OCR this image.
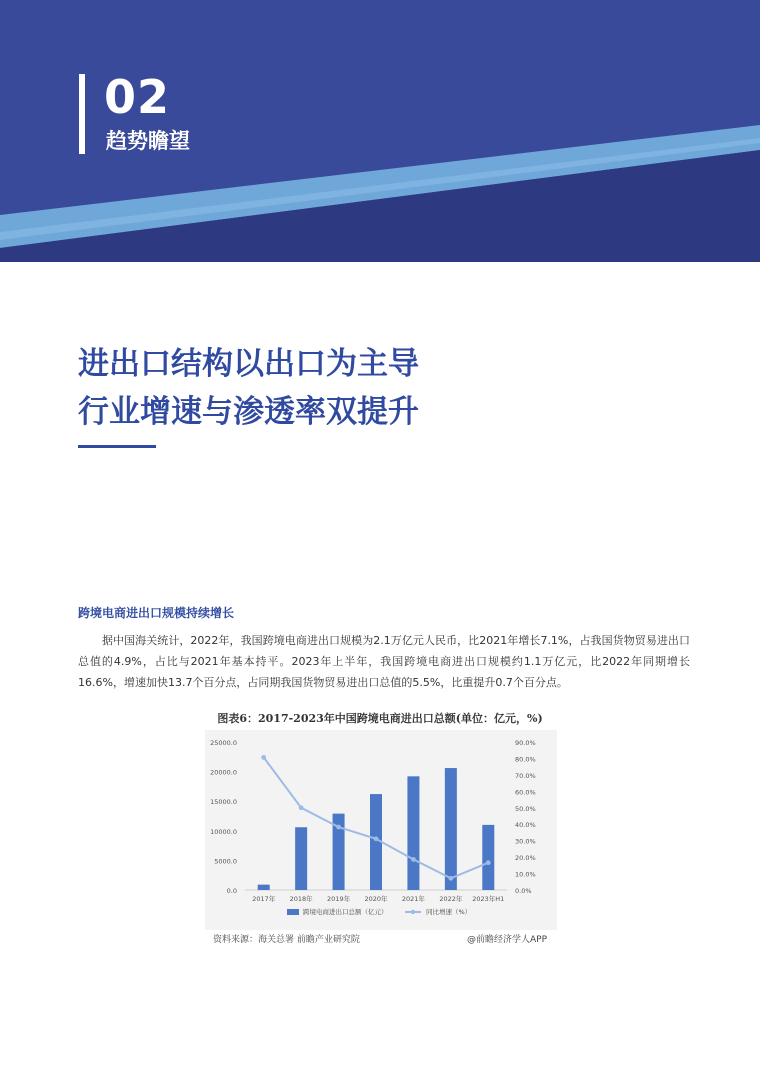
02
趋势瞻望
进出口结构以出口为主导
行业增速与渗透率双提升
跨境电商进出口规模持续增长
据中国海关统计，2022年，我国跨境电商进出口规模为2.1万亿元人民币，比2021年增长7.1%，占我国货物贸易进出口总值的4.9%，占比与2021年基本持平。2023年上半年，我国跨境电商进出口规模约1.1万亿元，比2022年同期增长16.6%，增速加快13.7个百分点，占同期我国货物贸易进出口总值的5.5%，比重提升0.7个百分点。
图表6：2017-2023年中国跨境电商进出口总额(单位：亿元，%)
0.0
5000.0
10000.0
15000.0
20000.0
25000.0
0.0%
10.0%
20.0%
30.0%
40.0%
50.0%
60.0%
70.0%
80.0%
90.0%
2017年 2018年 2019年 2020年 2021年 2022年 2023年H1
跨境电商进出口总额（亿元）	同比增速（%）
资料来源：海关总署 前瞻产业研究院	@前瞻经济学人APP
